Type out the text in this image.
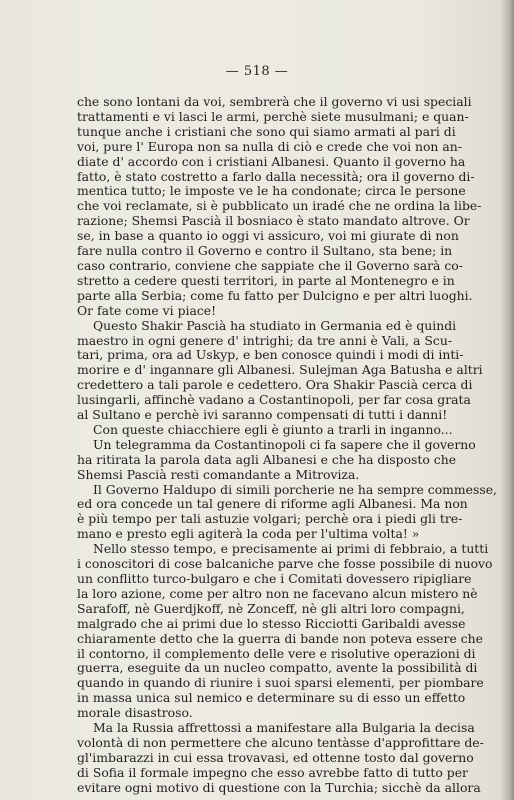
— 518 —

che sono lontani da voi, sembrerà che il governo vi usi speciali
trattamenti e vi lasci le armi, perchè siete musulmani; e quan-
tunque anche i cristiani che sono qui siamo armati al pari di
voi, pure l' Europa non sa nulla di ciò e crede che voi non an-
diate d' accordo con i cristiani Albanesi. Quanto il governo ha
fatto, è stato costretto a farlo dalla necessità; ora il governo di-
mentica tutto; le imposte ve le ha condonate; circa le persone
che voi reclamate, si è pubblicato un iradé che ne ordina la libe-
razione; Shemsi Pascià il bosniaco è stato mandato altrove. Or
se, in base a quanto io oggi vi assicuro, voi mi giurate di non
fare nulla contro il Governo e contro il Sultano, sta bene; in
caso contrario, conviene che sappiate che il Governo sarà co-
stretto a cedere questi territori, in parte al Montenegro e in
parte alla Serbia; come fu fatto per Dulcigno e per altri luoghi.
Or fate come vi piace!

Questo Shakir Pascià ha studiato in Germania ed è quindi
maestro in ogni genere d' intrighi; da tre anni è Vali, a Scu-
tari, prima, ora ad Uskyp, e ben conosce quindi i modi di inti-
morire e d' ingannare gli Albanesi. Sulejman Aga Batusha e altri
credettero a tali parole e cedettero. Ora Shakir Pascià cerca di
lusingarli, affinchè vadano a Costantinopoli, per far cosa grata
al Sultano e perchè ivi saranno compensati di tutti i danni!

Con queste chiacchiere egli è giunto a trarli in inganno...

Un telegramma da Costantinopoli ci fa sapere che il governo
ha ritirata la parola data agli Albanesi e che ha disposto che
Shemsi Pascià resti comandante a Mitroviza.

Il Governo Haldupo di simili porcherie ne ha sempre commesse,
ed ora concede un tal genere di riforme agli Albanesi. Ma non
è più tempo per tali astuzie volgari; perchè ora i piedi gli tre-
mano e presto egli agiterà la coda per l'ultima volta! »

Nello stesso tempo, e precisamente ai primi di febbraio, a tutti
i conoscitori di cose balcaniche parve che fosse possibile di nuovo
un conflitto turco-bulgaro e che i Comitati dovessero ripigliare
la loro azione, come per altro non ne facevano alcun mistero nè
Sarafoff, nè Guerdjkoff, nè Zonceff, nè gli altri loro compagni,
malgrado che ai primi due lo stesso Ricciotti Garibaldi avesse
chiaramente detto che la guerra di bande non poteva essere che
il contorno, il complemento delle vere e risolutive operazioni di
guerra, eseguite da un nucleo compatto, avente la possibilità di
quando in quando di riunire i suoi sparsi elementi, per piombare
in massa unica sul nemico e determinare su di esso un effetto
morale disastroso.

Ma la Russia affrettossi a manifestare alla Bulgaria la decisa
volontà di non permettere che alcuno tentàsse d'approfittare de-
gl'imbarazzi in cui essa trovavasi, ed ottenne tosto dal governo
di Sofia il formale impegno che esso avrebbe fatto di tutto per
evitare ogni motivo di questione con la Turchia; sicchè da allora
